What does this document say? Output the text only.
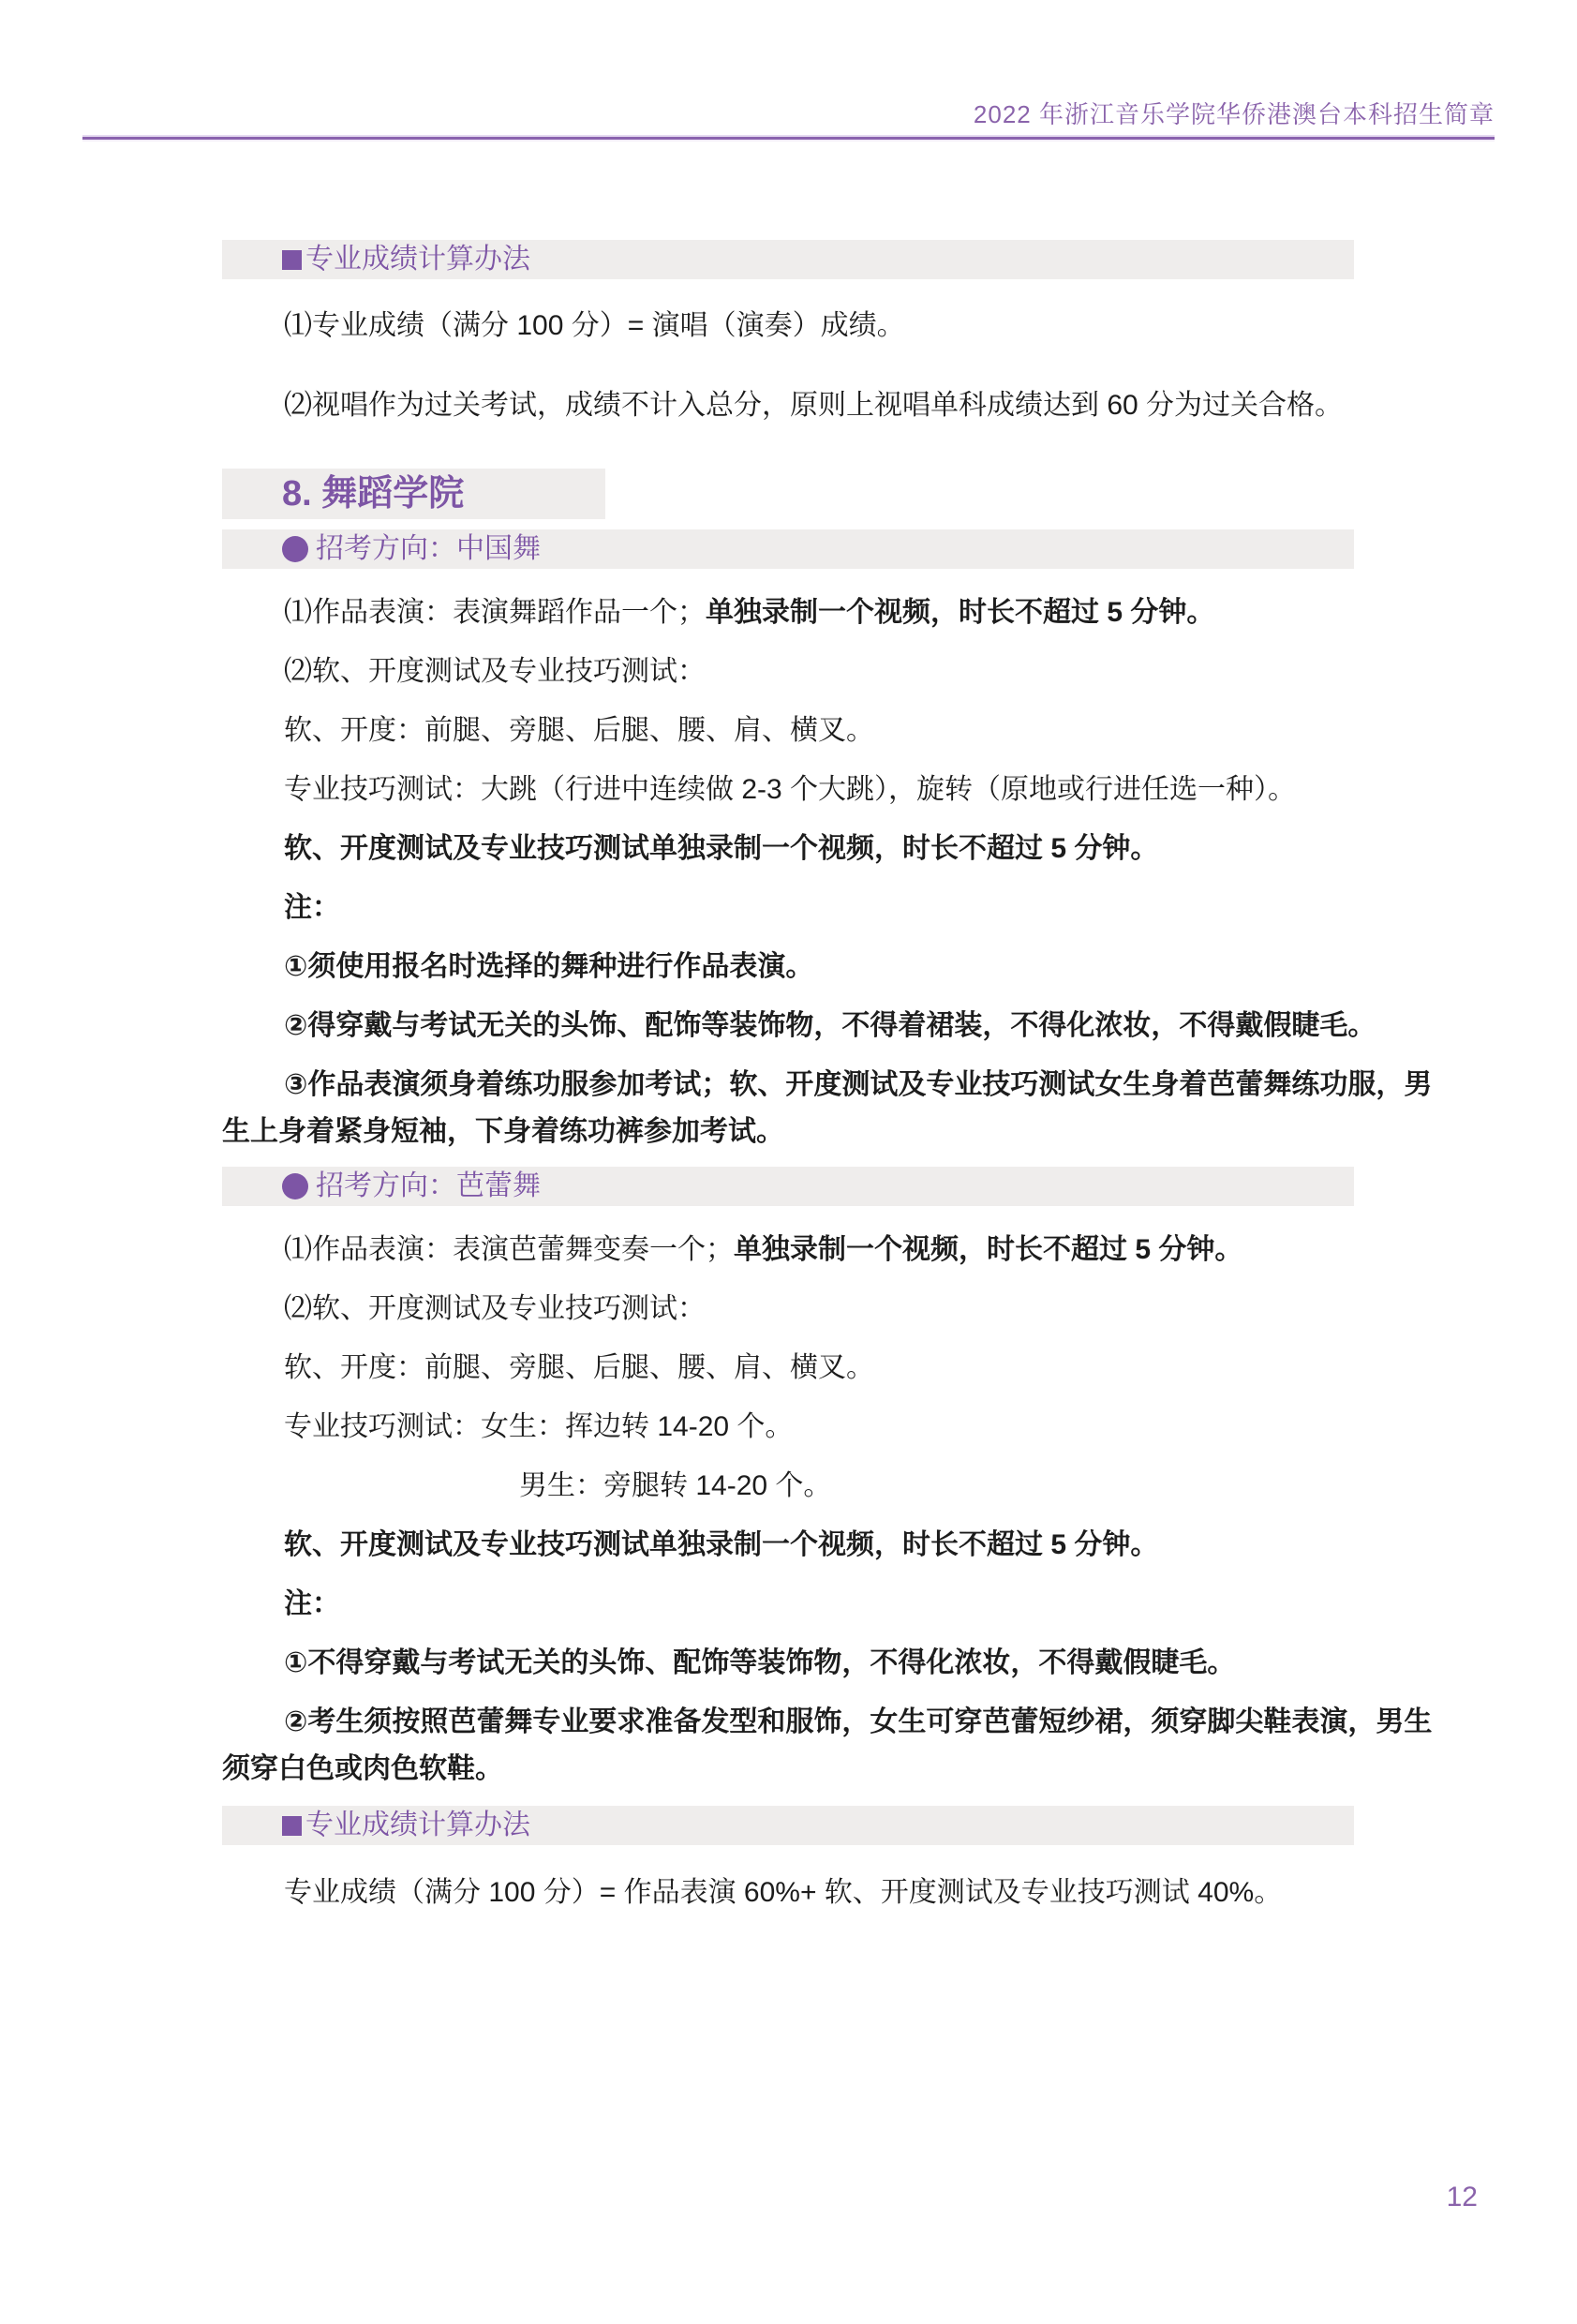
2022 年浙江音乐学院华侨港澳台本科招生简章
专业成绩计算办法
⑴专业成绩（满分 100 分）= 演唱（演奏）成绩。
⑵视唱作为过关考试，成绩不计入总分，原则上视唱单科成绩达到 60 分为过关合格。
8. 舞蹈学院
招考方向：中国舞
⑴作品表演：表演舞蹈作品一个；单独录制一个视频，时长不超过 5 分钟。
⑵软、开度测试及专业技巧测试：
软、开度：前腿、旁腿、后腿、腰、肩、横叉。
专业技巧测试：大跳（行进中连续做 2-3 个大跳），旋转（原地或行进任选一种）。
软、开度测试及专业技巧测试单独录制一个视频，时长不超过 5 分钟。
注：
①须使用报名时选择的舞种进行作品表演。
②得穿戴与考试无关的头饰、配饰等装饰物，不得着裙装，不得化浓妆，不得戴假睫毛。
③作品表演须身着练功服参加考试；软、开度测试及专业技巧测试女生身着芭蕾舞练功服，男生上身着紧身短袖，下身着练功裤参加考试。
招考方向：芭蕾舞
⑴作品表演：表演芭蕾舞变奏一个；单独录制一个视频，时长不超过 5 分钟。
⑵软、开度测试及专业技巧测试：
软、开度：前腿、旁腿、后腿、腰、肩、横叉。
专业技巧测试：女生：挥边转 14-20 个。
男生：旁腿转 14-20 个。
软、开度测试及专业技巧测试单独录制一个视频，时长不超过 5 分钟。
注：
①不得穿戴与考试无关的头饰、配饰等装饰物，不得化浓妆，不得戴假睫毛。
②考生须按照芭蕾舞专业要求准备发型和服饰，女生可穿芭蕾短纱裙，须穿脚尖鞋表演，男生须穿白色或肉色软鞋。
专业成绩计算办法
专业成绩（满分 100 分）= 作品表演 60%+ 软、开度测试及专业技巧测试 40%。
12
